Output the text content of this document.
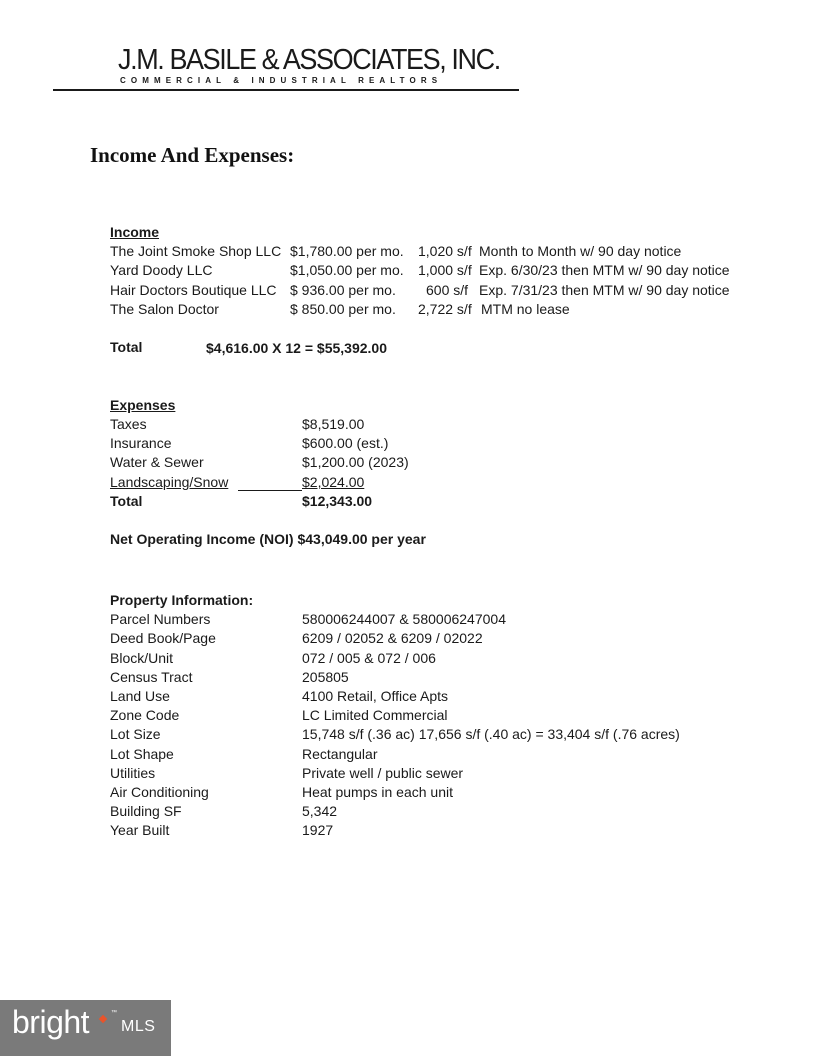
J.M. BASILE & ASSOCIATES, INC.
COMMERCIAL & INDUSTRIAL REALTORS
Income And Expenses:
Income
The Joint Smoke Shop LLC $1,780.00 per mo. 1,020 s/f Month to Month w/ 90 day notice
Yard Doody LLC	$1,050.00 per mo. 1,000 s/f Exp. 6/30/23 then MTM w/ 90 day notice
Hair Doctors Boutique LLC $ 936.00 per mo. 600 s/f Exp. 7/31/23 then MTM w/ 90 day notice
The Salon Doctor	$ 850.00 per mo. 2,722 s/f MTM no lease
Total	$4,616.00 X 12 = $55,392.00
Expenses
Taxes	$8,519.00
Insurance	$600.00 (est.)
Water & Sewer	$1,200.00 (2023)
Landscaping/Snow	$2,024.00
Total	$12,343.00
Net Operating Income (NOI) $43,049.00 per year
Property Information:
Parcel Numbers	580006244007 & 580006247004
Deed Book/Page	6209 / 02052 & 6209 / 02022
Block/Unit	072 / 005 & 072 / 006
Census Tract	205805
Land Use	4100 Retail, Office Apts
Zone Code	LC Limited Commercial
Lot Size	15,748 s/f (.36 ac) 17,656 s/f (.40 ac) = 33,404 s/f (.76 acres)
Lot Shape	Rectangular
Utilities	Private well / public sewer
Air Conditioning	Heat pumps in each unit
Building SF	5,342
Year Built	1927
bright	™
MLS
